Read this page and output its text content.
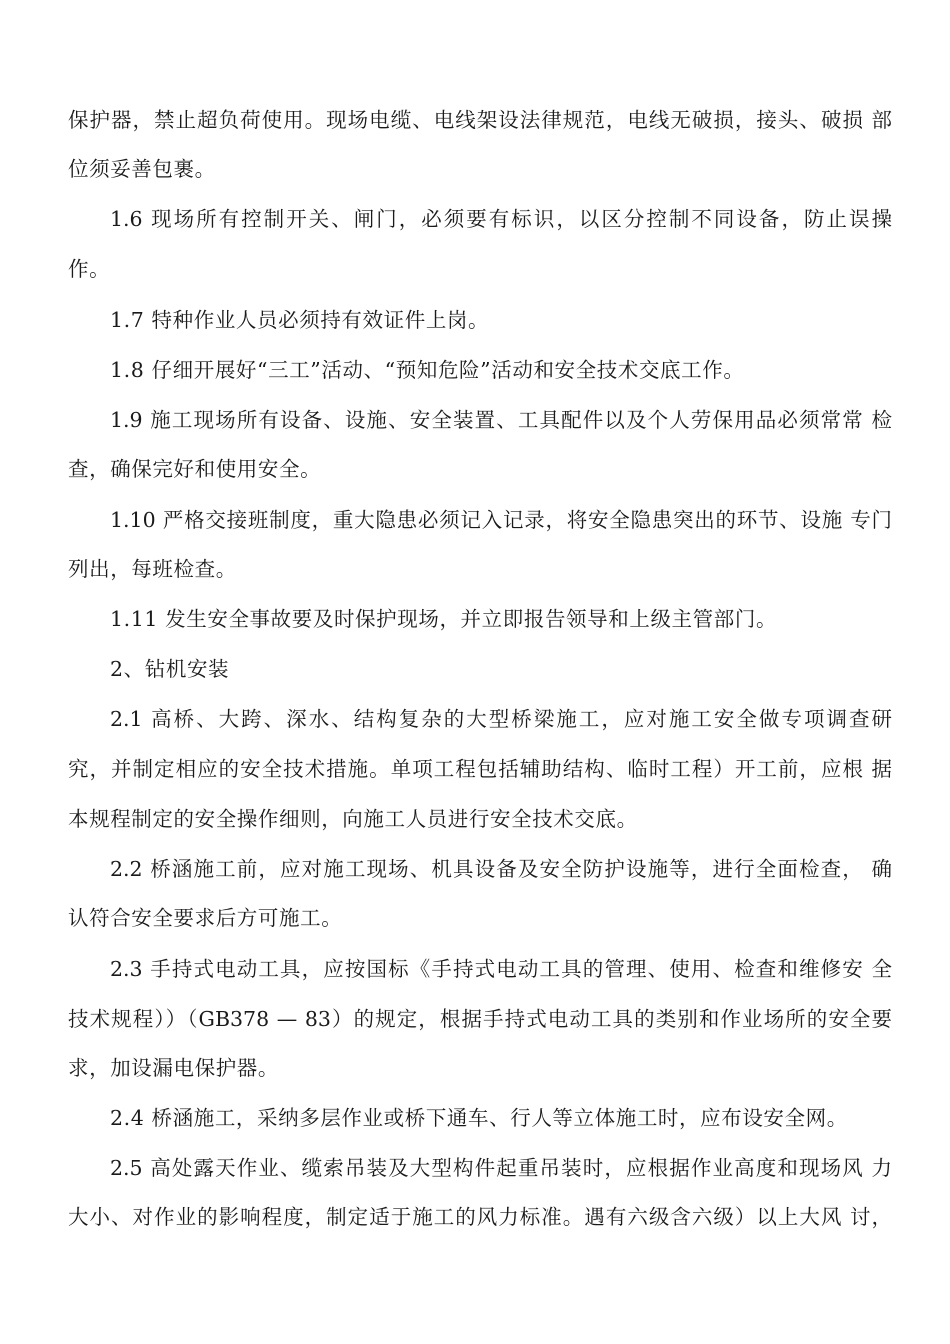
保护器，禁止超负荷使用。现场电缆、电线架设法律规范，电线无破损，接头、破损 部
位须妥善包裹。
1.6 现场所有控制开关、闸门，必须要有标识，以区分控制不同设备，防止误操
作。
1.7 特种作业人员必须持有效证件上岗。
1.8 仔细开展好“三工”活动、“预知危险”活动和安全技术交底工作。
1.9 施工现场所有设备、设施、安全装置、工具配件以及个人劳保用品必须常常 检
查，确保完好和使用安全。
1.10 严格交接班制度，重大隐患必须记入记录，将安全隐患突出的环节、设施 专门
列出，每班检查。
1.11 发生安全事故要及时保护现场，并立即报告领导和上级主管部门。
2、钻机安装
2.1 高桥、大跨、深水、结构复杂的大型桥梁施工，应对施工安全做专项调查研
究，并制定相应的安全技术措施。单项工程包括辅助结构、临时工程）开工前，应根 据
本规程制定的安全操作细则，向施工人员进行安全技术交底。
2.2 桥涵施工前，应对施工现场、机具设备及安全防护设施等，进行全面检查， 确
认符合安全要求后方可施工。
2.3 手持式电动工具，应按国标《手持式电动工具的管理、使用、检查和维修安 全
技术规程））（GB378 — 83）的规定，根据手持式电动工具的类别和作业场所的安全要
求，加设漏电保护器。
2.4 桥涵施工，采纳多层作业或桥下通车、行人等立体施工时，应布设安全网。
2.5 高处露天作业、缆索吊装及大型构件起重吊装时，应根据作业高度和现场风 力
大小、对作业的影响程度，制定适于施工的风力标准。遇有六级含六级）以上大风 讨，
